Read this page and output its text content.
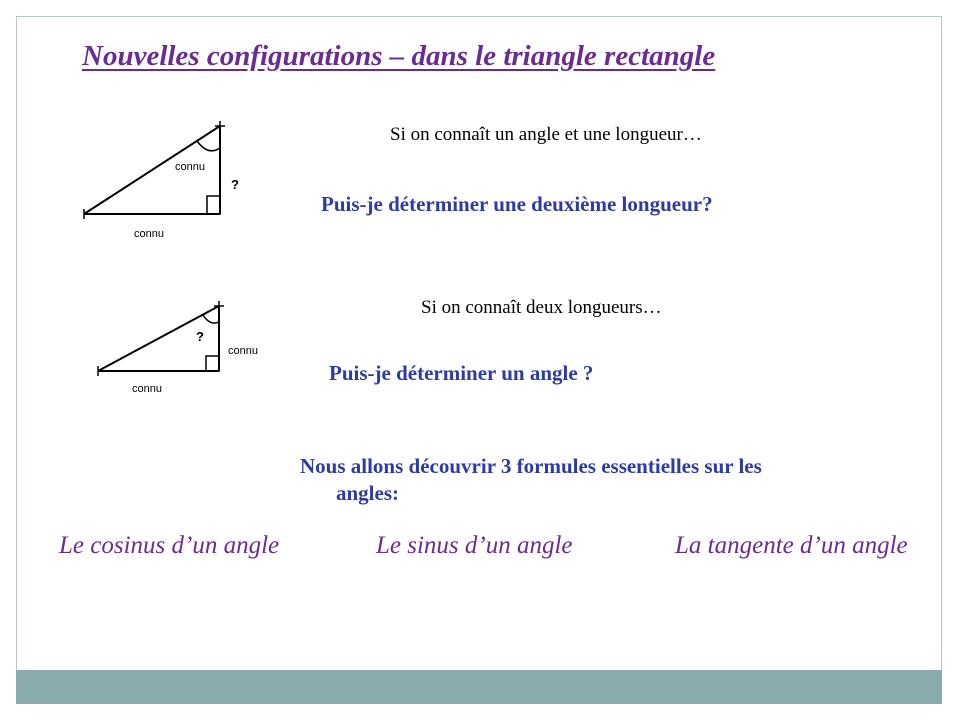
Nouvelles configurations – dans le triangle rectangle
connu
?
connu
?
connu
connu
Si on connaît un angle et une longueur…
Puis-je déterminer une deuxième longueur?
Si on connaît deux longueurs…
Puis-je déterminer un angle ?
Nous allons découvrir 3 formules essentielles sur les
angles:
Le cosinus d’un angle	Le sinus d’un angle	La tangente d’un angle
